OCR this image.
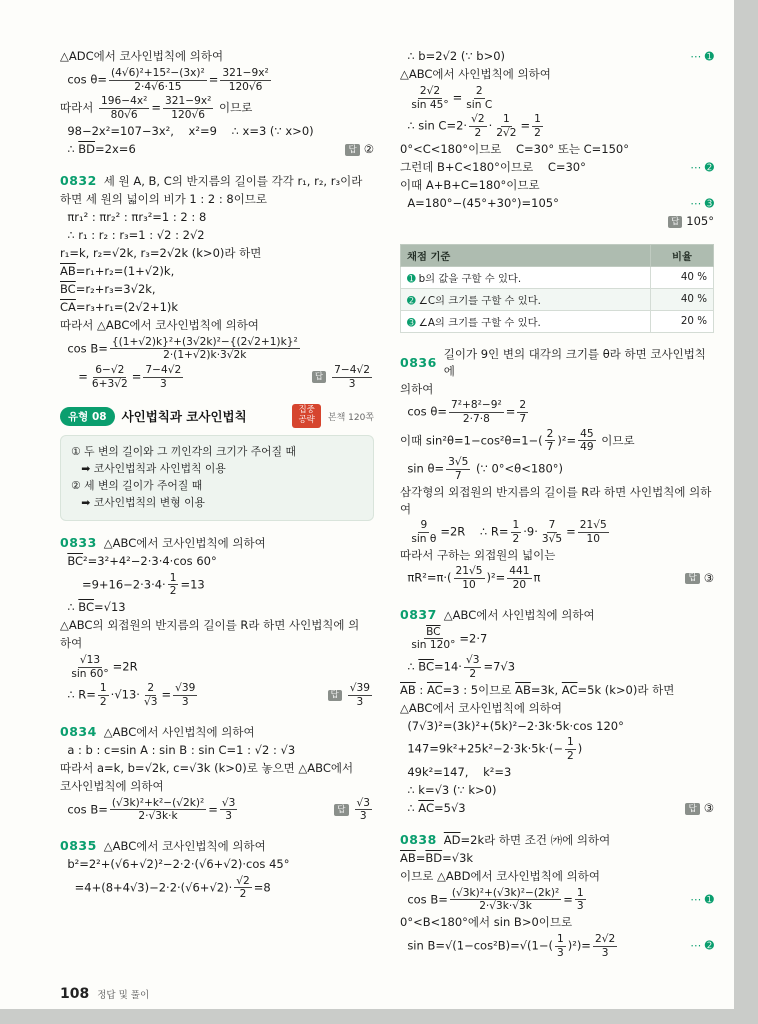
△ADC에서 코사인법칙에 의하여
$\cos \theta= \frac{\text{(4√6)²+15²−(3x)²}}{2\cdot 4√6\cdot 15} = \frac{\text{321−9x²}}{120√6}$
따라서 $\frac{\text{196−4x²}}{80√6} = \frac{\text{321−9x²}}{120√6}$ 이므로
98−2x²=107−3x²,    x²=9    ∴ x=3 (∵ x>0)
∴ $\overline{BD}=2x=6$	답 ②
0832 세 원 A, B, C의 반지름의 길이를 각각 r₁, r₂, r₃이라
하면 세 원의 넓이의 비가 1 : 2 : 8이므로
πr₁² : πr₂² : πr₃²=1 : 2 : 8
∴ r₁ : r₂ : r₃=1 : √2 : 2√2
r₁=k, r₂=√2k, r₃=2√2k (k>0)라 하면
$\overline{AB}=r_1+r_2=(1+√2)k$,
$\overline{BC}=r_2+r_3=3√2k$,
$\overline{CA}=r_3+r_1=(2√2+1)k$
따라서 △ABC에서 코사인법칙에 의하여
$\cos B= \frac{\text{\{(1+√2)k\}²+(3√2k)²−\{(2√2+1)k\}²}}{2\cdot(1+√2)k\cdot 3√2k}$
= $\frac{6-√2}{6+3√2} = \frac{7-4√2}{3}$	답 $\frac{7-4√2}{3}$
유형 08	사인법칙과 코사인법칙	집중
공략	본책 120쪽
① 두 변의 길이와 그 끼인각의 크기가 주어질 때
➡ 코사인법칙과 사인법칙 이용
② 세 변의 길이가 주어질 때
➡ 코사인법칙의 변형 이용
0833 △ABC에서 코사인법칙에 의하여
$\overline{BC}^2=3^2+4^2-2\cdot 3\cdot 4\cdot\cos$ 60°
$=9+16-2\cdot 3\cdot 4\cdot \frac{1}{2} =13$
∴ $\overline{BC}=√13$
△ABC의 외접원의 반지름의 길이를 R라 하면 사인법칙에 의
하여

$\frac{√13}{\sin 60^\circ} =2R$
∴ $R= \frac{1}{2} \cdot√13\cdot \frac{2}{√3} = \frac{√39}{3}$	답 $\frac{√39}{3}$
0834 △ABC에서 사인법칙에 의하여
a : b : c=sin A : sin B : sin C=1 : √2 : √3
따라서 a=k, b=√2k, c=√3k (k>0)로 놓으면 △ABC에서
코사인법칙에 의하여
$\cos B= \frac{\text{(√3k)²+k²−(√2k)²}}{2\cdot√3k\cdot k} = \frac{√3}{3}$	답 $\frac{√3}{3}$
0835 △ABC에서 코사인법칙에 의하여
b²=2²+(√6+√2)²−2·2·(√6+√2)·cos 45°
$=4+(8+4√3)-2\cdot 2\cdot(√6+√2)\cdot \frac{√2}{2} =8$
∴ b=2√2 (∵ b>0)	⋯ ➊
△ABC에서 사인법칙에 의하여

$\frac{2√2}{\sin 45^\circ} = \frac{2}{\text{sin C}}$
∴ $\sin C=2\cdot \frac{√2}{2} \cdot \frac{1}{2√2} = \frac{1}{2}$
0°<C<180°이므로    C=30° 또는 C=150°
그런데 B+C<180°이므로    C=30°	⋯ ➋
이때 A+B+C=180°이므로
A=180°−(45°+30°)=105°	⋯ ➌
답 105°
채점 기준	비율
➊ b의 값을 구할 수 있다.	40 %
➋ ∠C의 크기를 구할 수 있다.	40 %
➌ ∠A의 크기를 구할 수 있다.	20 %
0836
길이가 9인 변의 대각의 크기를 θ라 하면 코사인법칙에
의하여
$\cos \theta= \frac{\text{7²+8²−9²}}{2\cdot 7\cdot 8} = \frac{2}{7}$
이때 $\sin^2\theta=1-\cos^2\theta=1-( \frac{2}{7} )^2= \frac{45}{49}$ 이므로
$\sin \theta= \frac{3√5}{7}$ (∵ 0°<θ<180°)
삼각형의 외접원의 반지름의 길이를 R라 하면 사인법칙에 의하여

$\frac{9}{\text{sin θ}} =2R$    ∴ $R= \frac{1}{2} \cdot 9\cdot \frac{7}{3√5} = \frac{21√5}{10}$
따라서 구하는 외접원의 넓이는
$\pi R^2=\pi\cdot( \frac{21√5}{10} )^2= \frac{441}{20}$ π	답 ③
0837 △ABC에서 사인법칙에 의하여

$\frac{\overline{BC}}{\sin 120^\circ} =2\cdot 7$
∴ $\overline{BC}=14\cdot \frac{√3}{2} =7√3$
$\overline{AB}$ : $\overline{AC}=3$ : 5이므로 $\overline{AB}=3k$, $\overline{AC}=5k$ (k>0)라 하면
△ABC에서 코사인법칙에 의하여
(7√3)²=(3k)²+(5k)²−2·3k·5k·cos 120°
$147=9k^2+25k^2-2\cdot 3k\cdot 5k\cdot(- \frac{1}{2}$ )
49k²=147,    k²=3
∴ k=√3 (∵ k>0)
∴ $\overline{AC}=5√3$	답 ③
0838 $\overline{AD}=2k$라 하면 조건 ㈎에 의하여
$\overline{AB}=\overline{BD}=√3k$
이므로 △ABD에서 코사인법칙에 의하여
$\cos B= \frac{\text{(√3k)²+(√3k)²−(2k)²}}{2\cdot√3k\cdot√3k} = \frac{1}{3}$	⋯ ➊
0°<B<180°에서 sin B>0이므로
$\sin B=√(1-\cos^2B)=√(1-( \frac{1}{3} )^2)= \frac{2√2}{3}$	⋯ ➋
108 정답 및 풀이
